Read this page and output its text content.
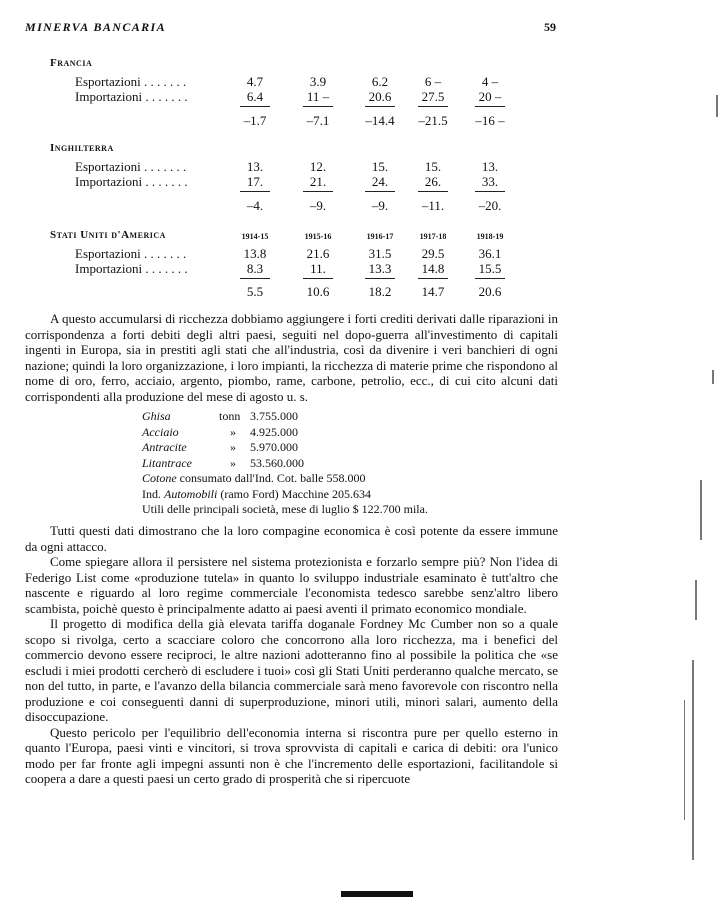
MINERVA BANCARIA	59
Francia
Esportazioni . . . . . . .	4.7	3.9	6.2	6 –	4 –
Importazioni . . . . . . .	6.4	11 –	20.6	27.5	20 –
–1.7	–7.1	–14.4	–21.5	–16 –
Inghilterra
Esportazioni . . . . . . .	13.	12.	15.	15.	13.
Importazioni . . . . . . .	17.	21.	24.	26.	33.
–4.	–9.	–9.	–11.	–20.
Stati Uniti d'America	1914-15	1915-16	1916-17	1917-18	1918-19
Esportazioni . . . . . . .	13.8	21.6	31.5	29.5	36.1
Importazioni . . . . . . .	8.3	11.	13.3	14.8	15.5
5.5	10.6	18.2	14.7	20.6

A questo accumularsi di ricchezza dobbiamo aggiungere i forti crediti derivati dalle riparazioni in corrispondenza a forti debiti degli altri paesi, seguiti nel dopo-guerra all'investimento di capitali ingenti in Europa, sia in prestiti agli stati che all'industria, così da divenire i veri banchieri di ogni nazione; quindi la loro organizzazione, i loro impianti, la ricchezza di materie prime che rispondono al nome di oro, ferro, acciaio, argento, piombo, rame, carbone, petrolio, ecc., di cui cito alcuni dati corrispondenti alla produzione del mese di agosto u. s.

Ghisa	tonn 3.755.000
Acciaio	» 4.925.000
Antracite	» 5.970.000
Litantrace	» 53.560.000
Cotone consumato dall'Ind. Cot. balle 558.000
Ind. Automobili (ramo Ford) Macchine 205.634
Utili delle principali società, mese di luglio $ 122.700 mila.

Tutti questi dati dimostrano che la loro compagine economica è così potente da essere immune da ogni attacco.

Come spiegare allora il persistere nel sistema protezionista e forzarlo sempre più? Non l'idea di Federigo List come «produzione tutela» in quanto lo sviluppo industriale esaminato è tutt'altro che nascente e riguardo al loro regime commerciale l'economista tedesco sarebbe senz'altro libero scambista, poichè questo è principalmente adatto ai paesi aventi il primato economico mondiale.

Il progetto di modifica della già elevata tariffa doganale Fordney Mc Cumber non so a quale scopo si rivolga, certo a scacciare coloro che concorrono alla loro ricchezza, ma i benefici del commercio devono essere reciproci, le altre nazioni adotteranno fino al possibile la politica che «se escludi i miei prodotti cercherò di escludere i tuoi» così gli Stati Uniti perderanno qualche mercato, se non del tutto, in parte, e l'avanzo della bilancia commerciale sarà meno favorevole con riscontro nella produzione e coi conseguenti danni di superproduzione, minori utili, minori salari, aumento della disoccupazione.

Questo pericolo per l'equilibrio dell'economia interna si riscontra pure per quello esterno in quanto l'Europa, paesi vinti e vincitori, si trova sprovvista di capitali e carica di debiti: ora l'unico modo per far fronte agli impegni assunti non è che l'incremento delle esportazioni, facilitandole si coopera a dare a questi paesi un certo grado di prosperità che si ripercuote
